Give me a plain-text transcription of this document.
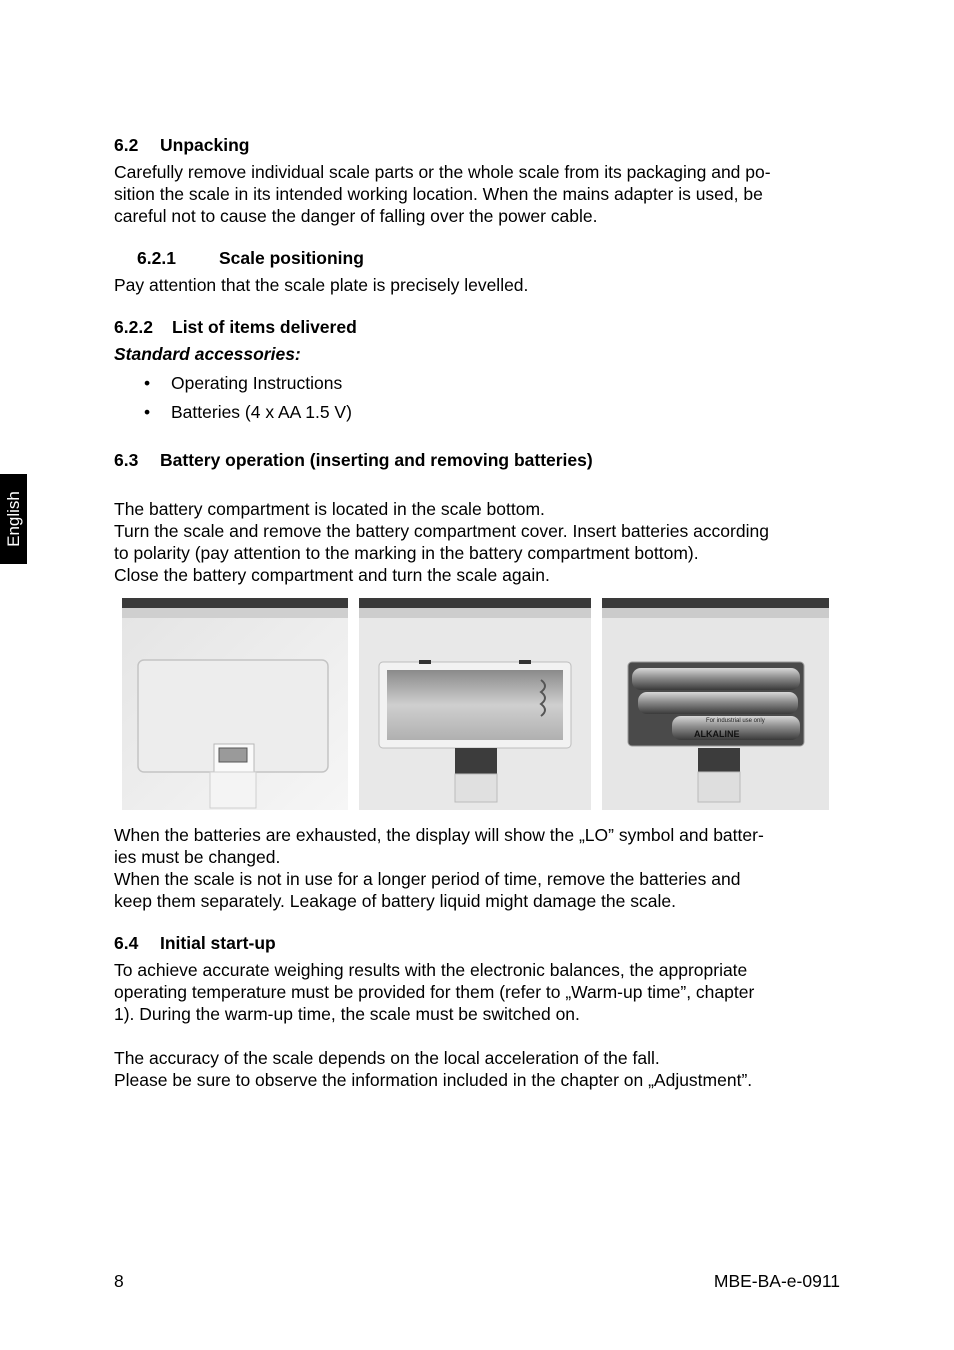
English
6.2 Unpacking
Carefully remove individual scale parts or the whole scale from its packaging and po-
sition the scale in its intended working location. When the mains adapter is used, be
careful not to cause the danger of falling over the power cable.
6.2.1 Scale positioning
Pay attention that the scale plate is precisely levelled.
6.2.2 List of items delivered
Standard accessories:
• Operating Instructions
• Batteries (4 x AA 1.5 V)
6.3 Battery operation (inserting and removing batteries)
The battery compartment is located in the scale bottom.
Turn the scale and remove the battery compartment cover. Insert batteries according
to polarity (pay attention to the marking in the battery compartment bottom).
Close the battery compartment and turn the scale again.
For industrial use only
ALKALINE
When the batteries are exhausted, the display will show the „LO” symbol and batter-
ies must be changed.
When the scale is not in use for a longer period of time, remove the batteries and
keep them separately. Leakage of battery liquid might damage the scale.
6.4 Initial start-up
To achieve accurate weighing results with the electronic balances, the appropriate
operating temperature must be provided for them (refer to „Warm-up time”, chapter
1). During the warm-up time, the scale must be switched on.
The accuracy of the scale depends on the local acceleration of the fall.
Please be sure to observe the information included in the chapter on „Adjustment”.
8	MBE-BA-e-0911
